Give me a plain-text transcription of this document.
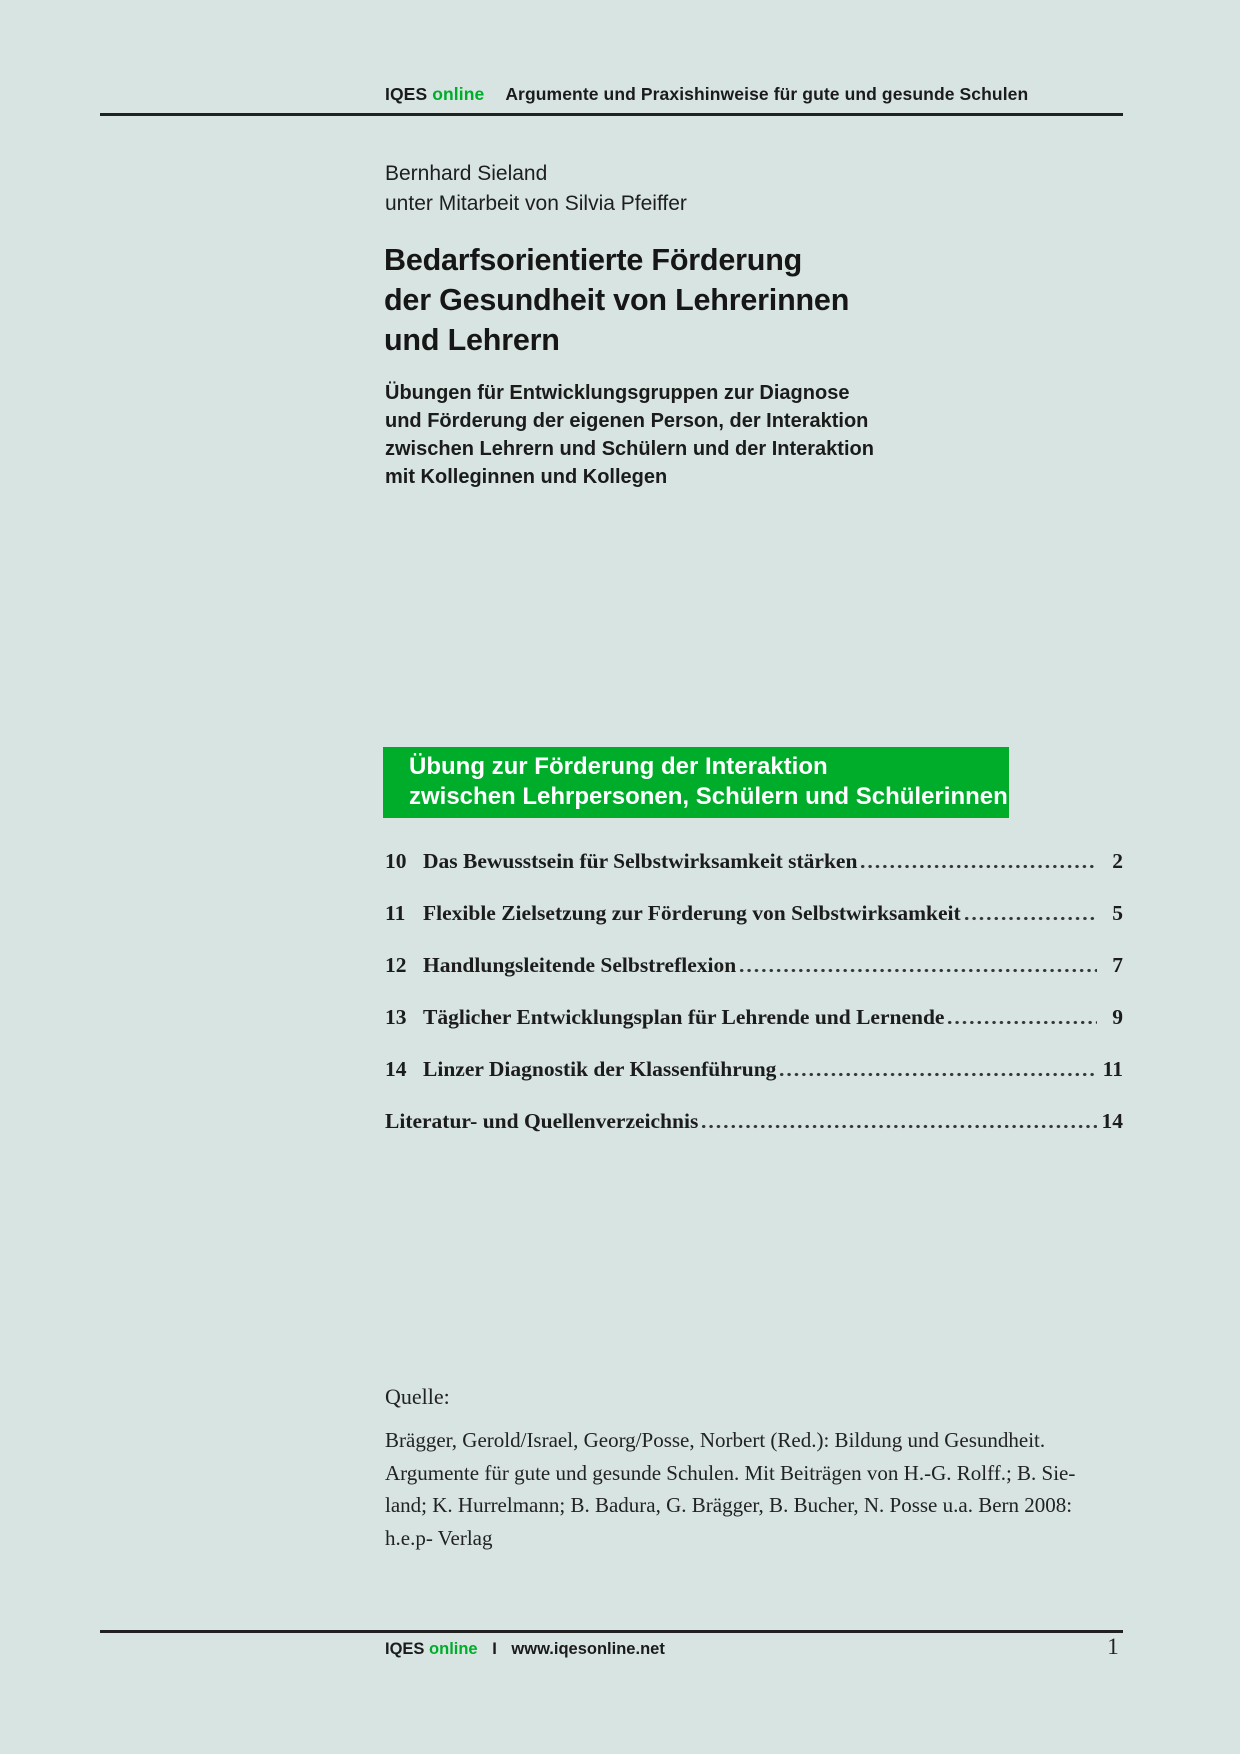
IQES online Argumente und Praxishinweise für gute und gesunde Schulen
Bernhard Sieland
unter Mitarbeit von Silvia Pfeiffer
Bedarfsorientierte Förderung
der Gesundheit von Lehrerinnen
und Lehrern
Übungen für Entwicklungsgruppen zur Diagnose
und Förderung der eigenen Person, der Interaktion
zwischen Lehrern und Schülern und der Interaktion
mit Kolleginnen und Kollegen
Übung zur Förderung der Interaktion
zwischen Lehrpersonen, Schülern und Schülerinnen
10 Das Bewusstsein für Selbstwirksamkeit stärken	2
11 Flexible Zielsetzung zur Förderung von Selbstwirksamkeit	5
12 Handlungsleitende Selbstreflexion	7
13 Täglicher Entwicklungsplan für Lehrende und Lernende	9
14 Linzer Diagnostik der Klassenführung	11
Literatur- und Quellenverzeichnis	14
Quelle:
Brägger, Gerold/Israel, Georg/Posse, Norbert (Red.): Bildung und Gesundheit.
Argumente für gute und gesunde Schulen. Mit Beiträgen von H.-G. Rolff.; B. Sie-
land; K. Hurrelmann; B. Badura, G. Brägger, B. Bucher, N. Posse u.a. Bern 2008:
h.e.p- Verlag
IQES online I www.iqesonline.net	1
